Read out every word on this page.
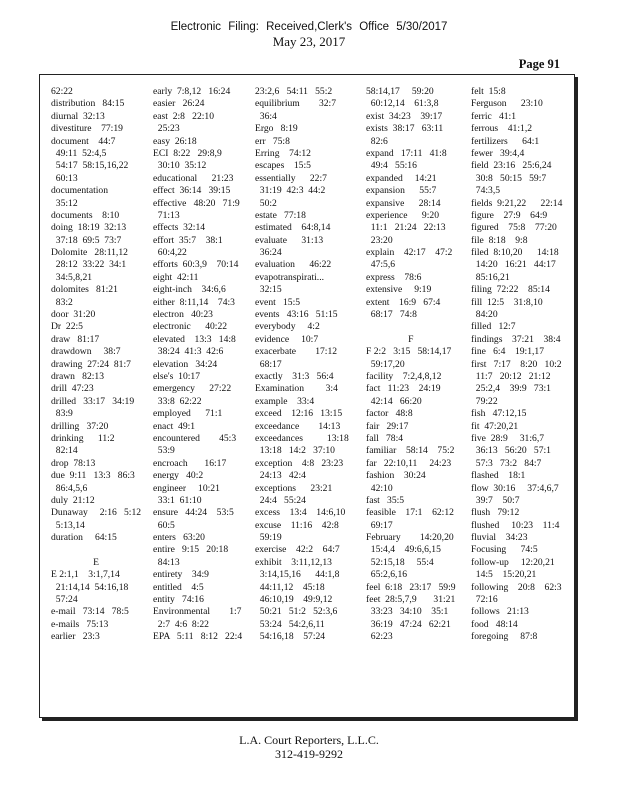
Electronic Filing: Received,Clerk's Office 5/30/2017
May 23, 2017
Page 91
62:22
distribution   84:15
diurnal  32:13
divestiture    77:19
document    44:7
49:11  52:4,5
54:17  58:15,16,22
60:13
documentation
35:12
documents    8:10
doing  18:19  32:13
37:18  69:5  73:7
Dolomite   28:11,12
28:12  33:22  34:1
34:5,8,21
dolomites   81:21
83:2
door  31:20
Dr  22:5
draw   81:17
drawdown     38:7
drawing  27:24  81:7
drawn   82:13
drill  47:23
drilled   33:17   34:19
83:9
drilling   37:20
drinking      11:2
82:14
drop  78:13
due  9:11   13:3   86:3
86:4,5,6
duly  21:12
Dunaway     2:16   5:12
5:13,14
duration     64:15
E
E 2:1,1    3:1,7,14
21:14,14  54:16,18
57:24
e-mail   73:14   78:5
e-mails   75:13
earlier   23:3
early  7:8,12   16:24
easier   26:24
east  2:8   22:10
25:23
easy  26:18
ECI  8:22   29:8,9
30:10  35:12
educational      21:23
effect  36:14   39:15
effective   48:20   71:9
71:13
effects  32:14
effort  35:7    38:1
60:4,22
efforts  60:3,9    70:14
eight  42:11
eight-inch    34:6,6
either  8:11,14    74:3
electron   40:23
electronic      40:22
elevated    13:3   14:8
38:24  41:3  42:6
elevation   34:24
else's  10:17
emergency      27:22
33:8  62:22
employed      71:1
enact  49:1
encountered        45:3
53:9
encroach       16:17
energy   40:2
engineer     10:21
33:1  61:10
ensure   44:24    53:5
60:5
enters   63:20
entire   9:15   20:18
84:13
entirety    34:9
entitled    4:5
entity   74:16
Environmental        1:7
2:7  4:6  8:22
EPA   5:11   8:12   22:4
23:2,6   54:11   55:2
equilibrium        32:7
36:4
Ergo   8:19
err   75:8
Erring    74:12
escapes    15:5
essentially      22:7
31:19  42:3  44:2
50:2
estate   77:18
estimated    64:8,14
evaluate      31:13
36:24
evaluation      46:22
evapotranspirati...
32:15
event   15:5
events   43:16   51:15
everybody     4:2
evidence     10:7
exacerbate        17:12
68:17
exactly    31:3   56:4
Examination         3:4
example    33:4
exceed    12:16   13:15
exceedance        14:13
exceedances          13:18
13:18   14:2   37:10
exception    4:8   23:23
24:13   42:4
exceptions      23:21
24:4   55:24
excess    13:4    14:6,10
excuse    11:16    42:8
59:19
exercise    42:2    64:7
exhibit    3:11,12,13
3:14,15,16      44:1,8
44:11,12    45:18
46:10,19    49:9,12
50:21   51:2   52:3,6
53:24   54:2,6,11
54:16,18    57:24
58:14,17     59:20
60:12,14    61:3,8
exist  34:23    39:17
exists  38:17   63:11
82:6
expand   17:11   41:8
49:4   55:16
expanded     14:21
expansion      55:7
expansive      28:14
experience      9:20
11:1   21:24   22:13
23:20
explain    42:17    47:2
47:5,6
express    78:6
extensive     9:19
extent    16:9   67:4
68:17   74:8
F
F 2:2   3:15   58:14,17
59:17,20
facility    7:2,4,8,12
fact   11:23    24:19
42:14   66:20
factor   48:8
fair   29:17
fall   78:4
familiar    58:14    75:2
far   22:10,11     24:23
fashion    30:24
42:10
fast   35:5
feasible    17:1    62:12
69:17
February        14:20,20
15:4,4    49:6,6,15
52:15,18     55:4
65:2,6,16
feel  6:18   23:17   59:9
feet  28:5,7,9       31:21
33:23   34:10    35:1
36:19   47:24   62:21
62:23
felt  15:8
Ferguson      23:10
ferric   41:1
ferrous    41:1,2
fertilizers      64:1
fewer   39:4,4
field  23:16   25:6,24
30:8   50:15   59:7
74:3,5
fields  9:21,22      22:14
figure    27:9    64:9
figured    75:8    77:20
file  8:18    9:8
filed  8:10,20      14:18
14:20   16:21   44:17
85:16,21
filing  72:22    85:14
fill  12:5    31:8,10
84:20
filled   12:7
findings    37:21    38:4
fine   6:4    19:1,17
first   7:17    8:20   10:2
11:7   20:12   21:12
25:2,4    39:9   73:1
79:22
fish   47:12,15
fit  47:20,21
five  28:9     31:6,7
36:13   56:20   57:1
57:3   73:2   84:7
flashed    18:1
flow  30:16     37:4,6,7
39:7    50:7
flush   79:12
flushed     10:23    11:4
fluvial    34:23
Focusing      74:5
follow-up     12:20,21
14:5    15:20,21
following    20:8    62:3
72:16
follows   21:13
food   48:14
foregoing     87:8
L.A. Court Reporters, L.L.C.
312-419-9292
